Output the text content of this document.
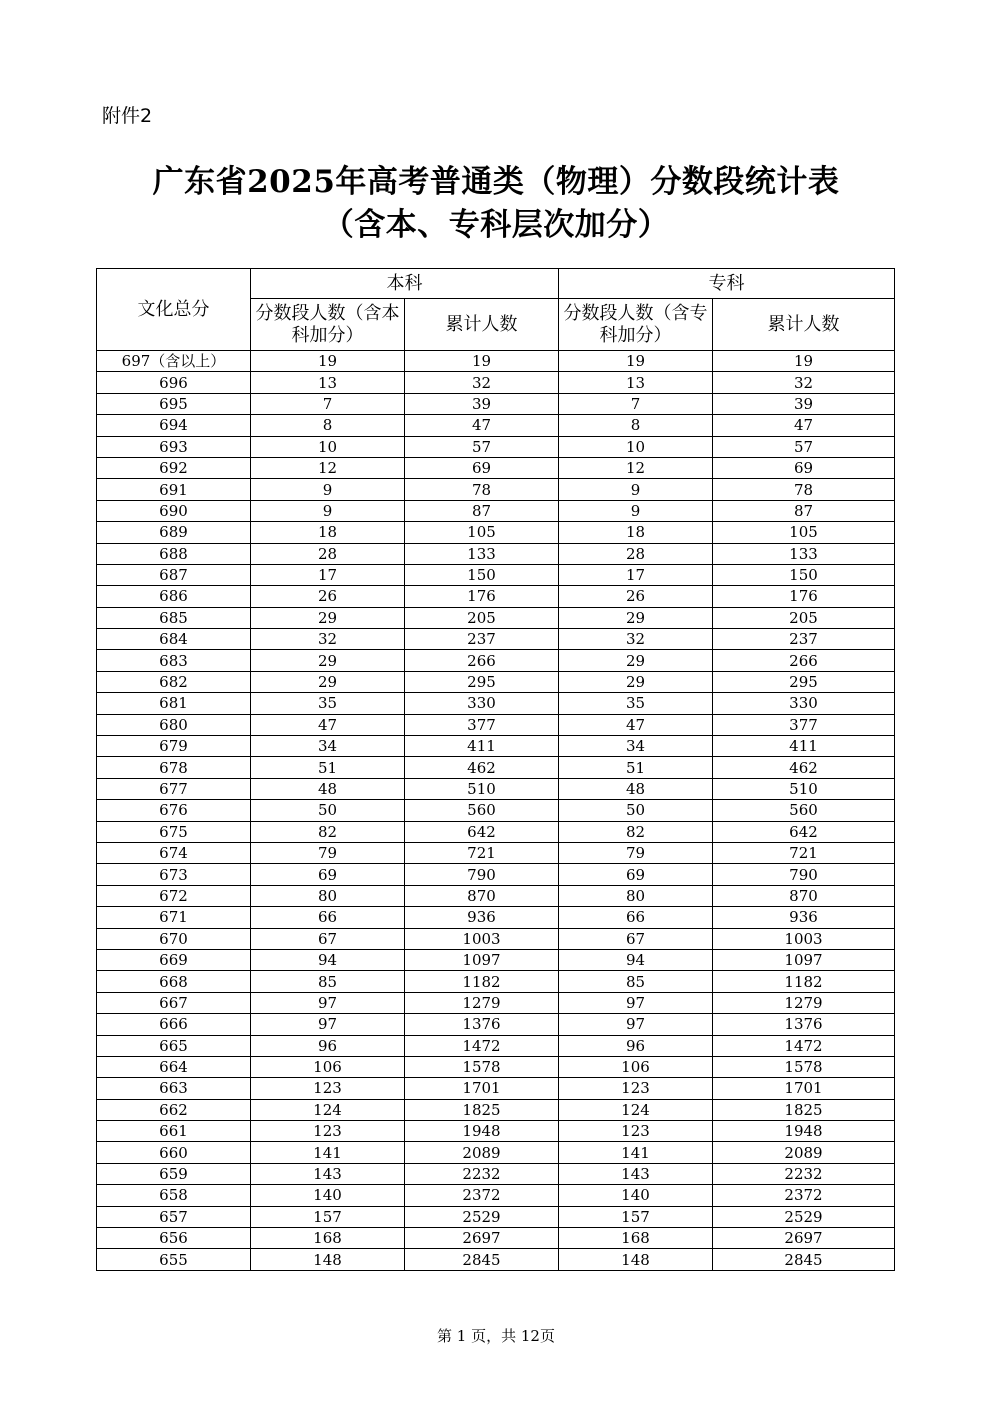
附件2
广东省2025年高考普通类（物理）分数段统计表
（含本、专科层次加分）
文化总分	本科		专科	
	分数段人数（含本科加分）	累计人数	分数段人数（含专科加分）	累计人数
697（含以上）	19	19	19	19
696	13	32	13	32
695	7	39	7	39
694	8	47	8	47
693	10	57	10	57
692	12	69	12	69
691	9	78	9	78
690	9	87	9	87
689	18	105	18	105
688	28	133	28	133
687	17	150	17	150
686	26	176	26	176
685	29	205	29	205
684	32	237	32	237
683	29	266	29	266
682	29	295	29	295
681	35	330	35	330
680	47	377	47	377
679	34	411	34	411
678	51	462	51	462
677	48	510	48	510
676	50	560	50	560
675	82	642	82	642
674	79	721	79	721
673	69	790	69	790
672	80	870	80	870
671	66	936	66	936
670	67	1003	67	1003
669	94	1097	94	1097
668	85	1182	85	1182
667	97	1279	97	1279
666	97	1376	97	1376
665	96	1472	96	1472
664	106	1578	106	1578
663	123	1701	123	1701
662	124	1825	124	1825
661	123	1948	123	1948
660	141	2089	141	2089
659	143	2232	143	2232
658	140	2372	140	2372
657	157	2529	157	2529
656	168	2697	168	2697
655	148	2845	148	2845
第 1 页，共 12页
